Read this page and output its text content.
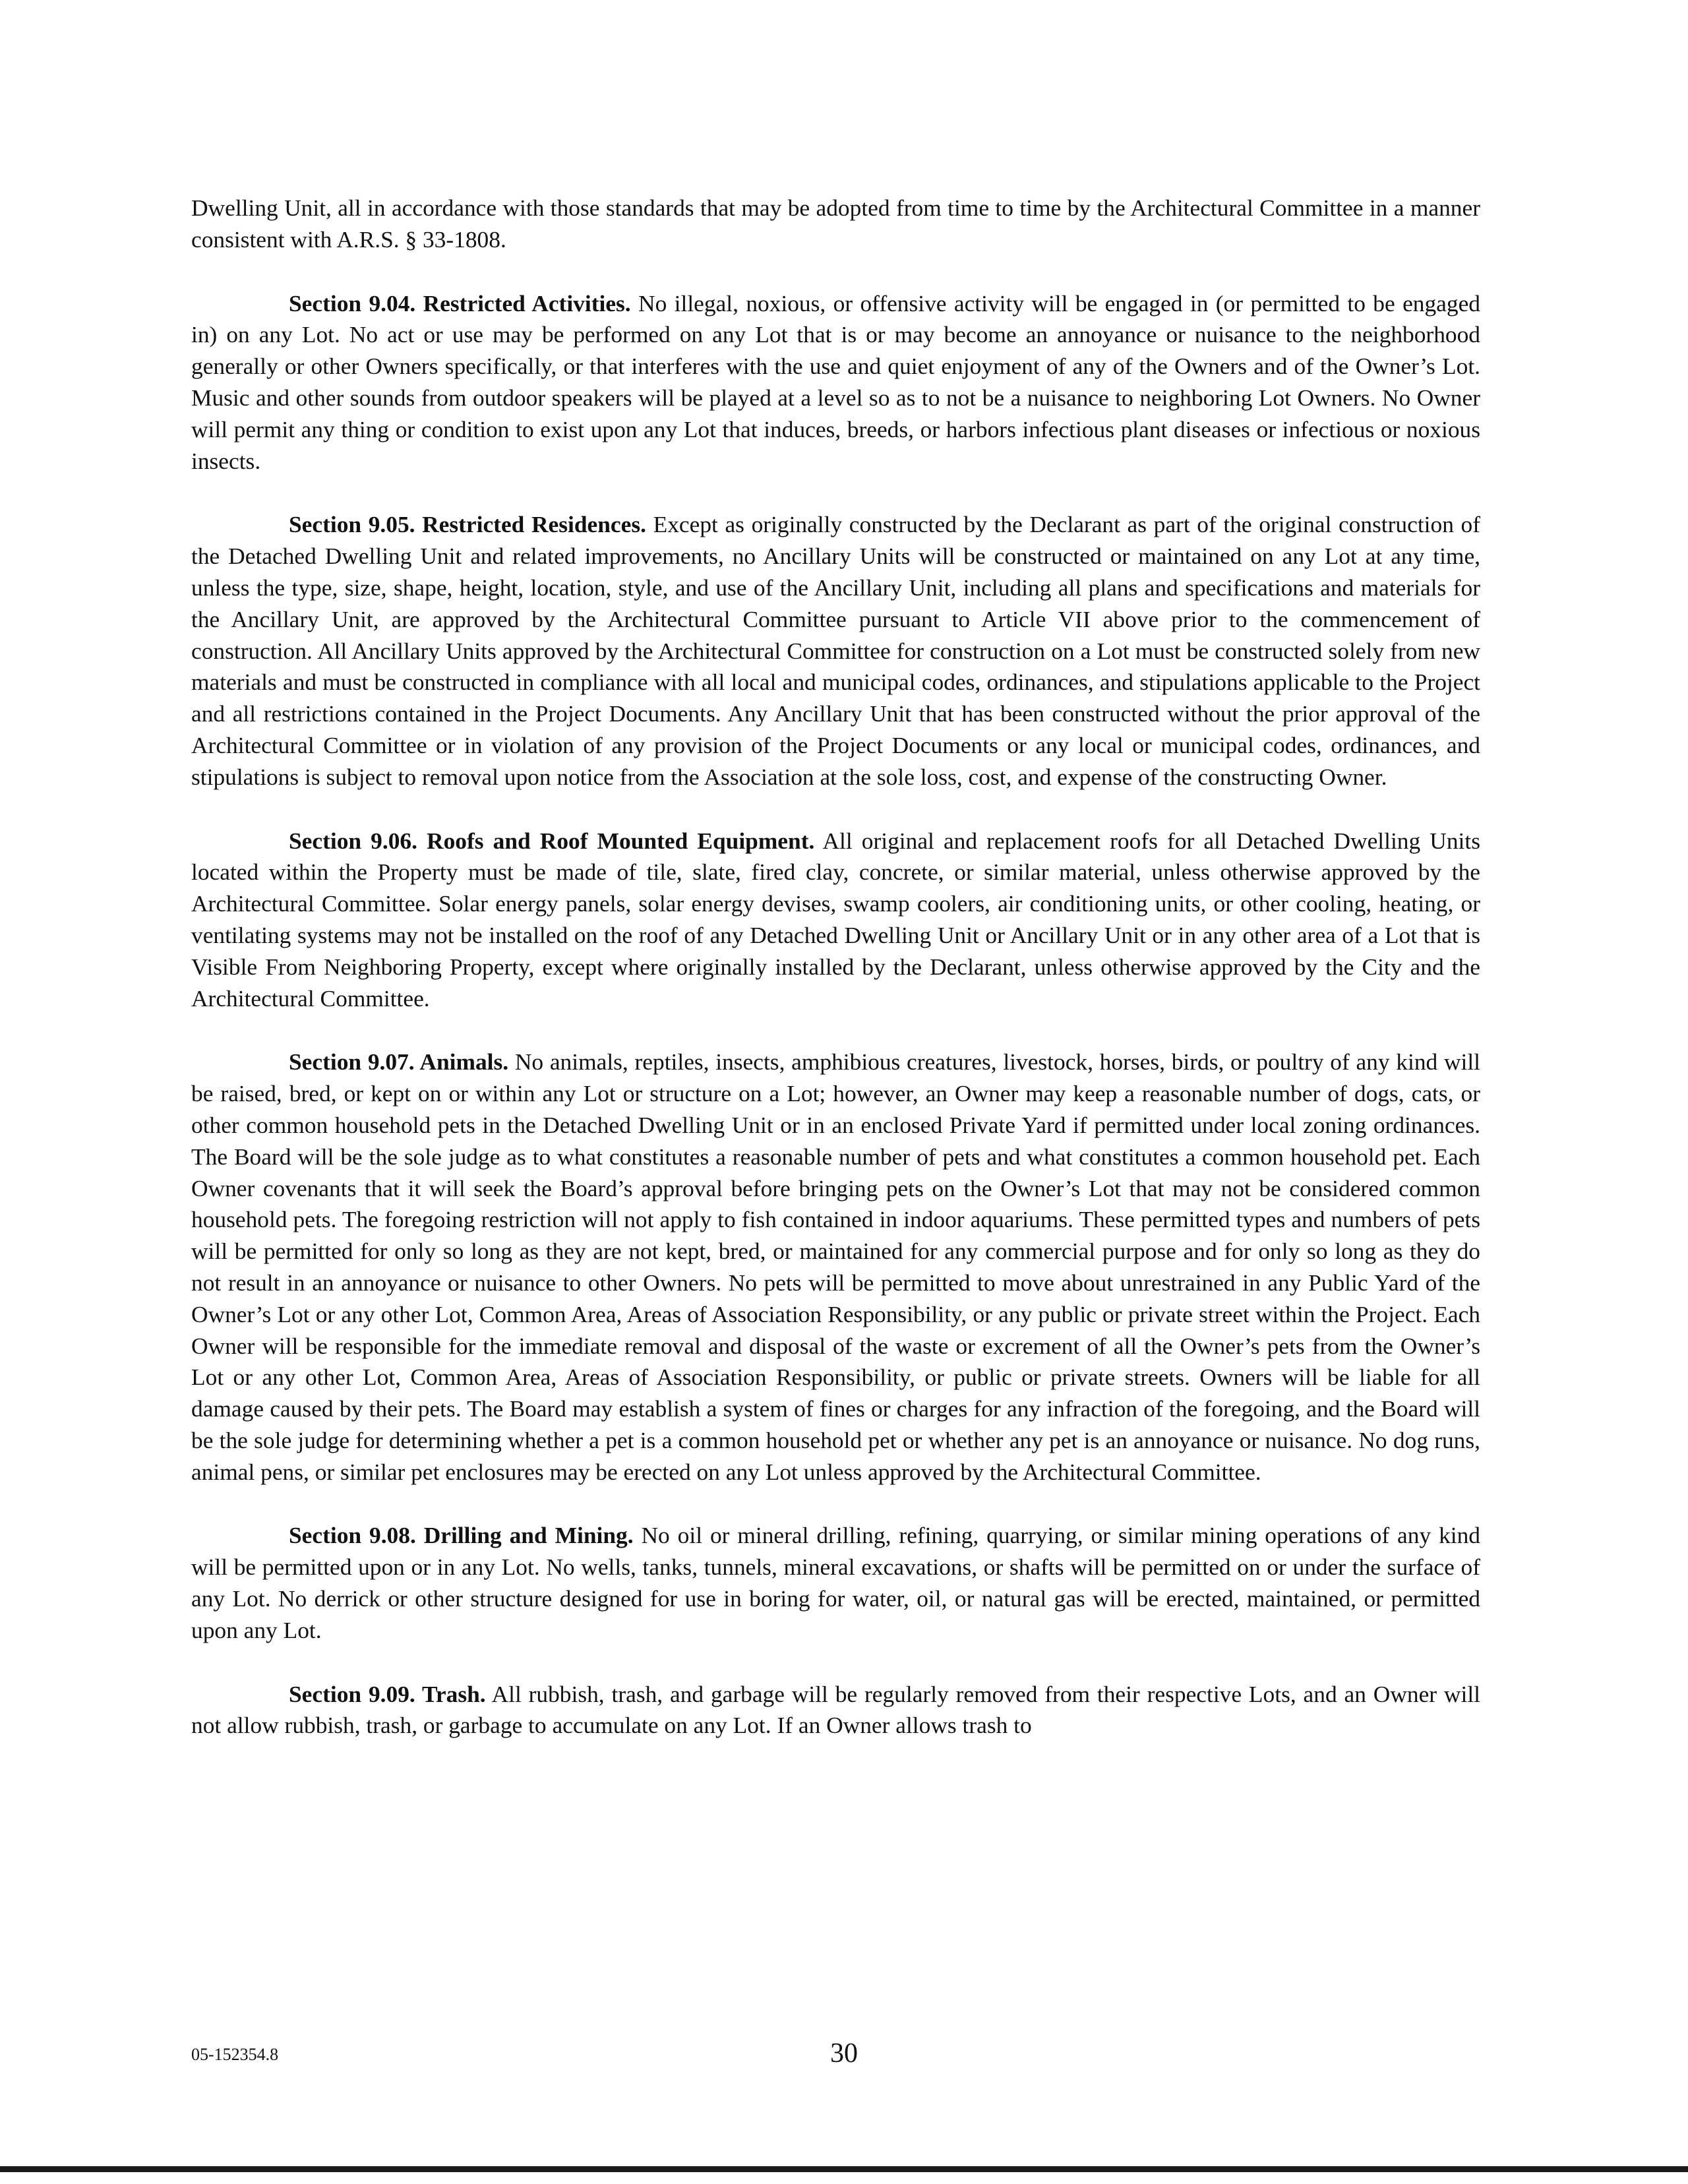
Dwelling Unit, all in accordance with those standards that may be adopted from time to time by the Architectural Committee in a manner consistent with A.R.S. § 33-1808.

Section 9.04. Restricted Activities. No illegal, noxious, or offensive activity will be engaged in (or permitted to be engaged in) on any Lot. No act or use may be performed on any Lot that is or may become an annoyance or nuisance to the neighborhood generally or other Owners specifically, or that interferes with the use and quiet enjoyment of any of the Owners and of the Owner’s Lot. Music and other sounds from outdoor speakers will be played at a level so as to not be a nuisance to neighboring Lot Owners. No Owner will permit any thing or condition to exist upon any Lot that induces, breeds, or harbors infectious plant diseases or infectious or noxious insects.

Section 9.05. Restricted Residences. Except as originally constructed by the Declarant as part of the original construction of the Detached Dwelling Unit and related improvements, no Ancillary Units will be constructed or maintained on any Lot at any time, unless the type, size, shape, height, location, style, and use of the Ancillary Unit, including all plans and specifications and materials for the Ancillary Unit, are approved by the Architectural Committee pursuant to Article VII above prior to the commencement of construction. All Ancillary Units approved by the Architectural Committee for construction on a Lot must be constructed solely from new materials and must be constructed in compliance with all local and municipal codes, ordinances, and stipulations applicable to the Project and all restrictions contained in the Project Documents. Any Ancillary Unit that has been constructed without the prior approval of the Architectural Committee or in violation of any provision of the Project Documents or any local or municipal codes, ordinances, and stipulations is subject to removal upon notice from the Association at the sole loss, cost, and expense of the constructing Owner.

Section 9.06. Roofs and Roof Mounted Equipment. All original and replacement roofs for all Detached Dwelling Units located within the Property must be made of tile, slate, fired clay, concrete, or similar material, unless otherwise approved by the Architectural Committee. Solar energy panels, solar energy devises, swamp coolers, air conditioning units, or other cooling, heating, or ventilating systems may not be installed on the roof of any Detached Dwelling Unit or Ancillary Unit or in any other area of a Lot that is Visible From Neighboring Property, except where originally installed by the Declarant, unless otherwise approved by the City and the Architectural Committee.

Section 9.07. Animals. No animals, reptiles, insects, amphibious creatures, livestock, horses, birds, or poultry of any kind will be raised, bred, or kept on or within any Lot or structure on a Lot; however, an Owner may keep a reasonable number of dogs, cats, or other common household pets in the Detached Dwelling Unit or in an enclosed Private Yard if permitted under local zoning ordinances. The Board will be the sole judge as to what constitutes a reasonable number of pets and what constitutes a common household pet. Each Owner covenants that it will seek the Board’s approval before bringing pets on the Owner’s Lot that may not be considered common household pets. The foregoing restriction will not apply to fish contained in indoor aquariums. These permitted types and numbers of pets will be permitted for only so long as they are not kept, bred, or maintained for any commercial purpose and for only so long as they do not result in an annoyance or nuisance to other Owners. No pets will be permitted to move about unrestrained in any Public Yard of the Owner’s Lot or any other Lot, Common Area, Areas of Association Responsibility, or any public or private street within the Project. Each Owner will be responsible for the immediate removal and disposal of the waste or excrement of all the Owner’s pets from the Owner’s Lot or any other Lot, Common Area, Areas of Association Responsibility, or public or private streets. Owners will be liable for all damage caused by their pets. The Board may establish a system of fines or charges for any infraction of the foregoing, and the Board will be the sole judge for determining whether a pet is a common household pet or whether any pet is an annoyance or nuisance. No dog runs, animal pens, or similar pet enclosures may be erected on any Lot unless approved by the Architectural Committee.

Section 9.08. Drilling and Mining. No oil or mineral drilling, refining, quarrying, or similar mining operations of any kind will be permitted upon or in any Lot. No wells, tanks, tunnels, mineral excavations, or shafts will be permitted on or under the surface of any Lot. No derrick or other structure designed for use in boring for water, oil, or natural gas will be erected, maintained, or permitted upon any Lot.

Section 9.09. Trash. All rubbish, trash, and garbage will be regularly removed from their respective Lots, and an Owner will not allow rubbish, trash, or garbage to accumulate on any Lot. If an Owner allows trash to

05-152354.8	30
